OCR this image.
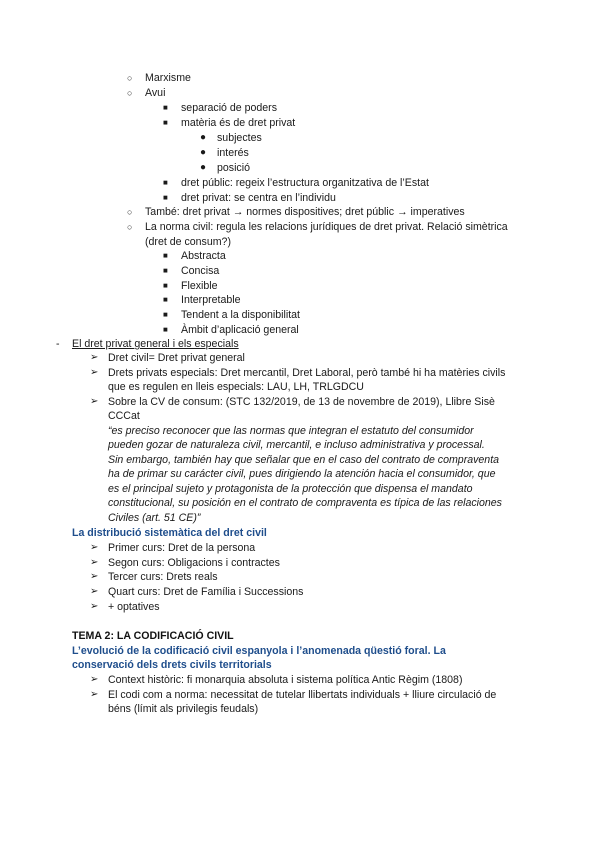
○ Marxisme
○ Avui
■ separació de poders
■ matèria és de dret privat
● subjectes
● interés
● posició
■ dret públic: regeix l’estructura organitzativa de l’Estat
■ dret privat: se centra en l’individu
○ També: dret privat → normes dispositives; dret públic → imperatives
○ La norma civil: regula les relacions jurídiques de dret privat. Relació simètrica
(dret de consum?)
■ Abstracta
■ Concisa
■ Flexible
■ Interpretable
■ Tendent a la disponibilitat
■ Àmbit d’aplicació general
- El dret privat general i els especials
➢ Dret civil= Dret privat general
➢ Drets privats especials: Dret mercantil, Dret Laboral, però també hi ha matèries civils
que es regulen en lleis especials: LAU, LH, TRLGDCU
➢ Sobre la CV de consum: (STC 132/2019, de 13 de novembre de 2019), Llibre Sisè
CCCat
“es preciso reconocer que las normas que integran el estatuto del consumidor
pueden gozar de naturaleza civil, mercantil, e incluso administrativa y processal.
Sin embargo, también hay que señalar que en el caso del contrato de compraventa
ha de primar su carácter civil, pues dirigiendo la atención hacia el consumidor, que
es el principal sujeto y protagonista de la protección que dispensa el mandato
constitucional, su posición en el contrato de compraventa es típica de las relaciones
Civiles (art. 51 CE)”
La distribució sistemàtica del dret civil
➢ Primer curs: Dret de la persona
➢ Segon curs: Obligacions i contractes
➢ Tercer curs: Drets reals
➢ Quart curs: Dret de Família i Successions
➢ + optatives
TEMA 2: LA CODIFICACIÓ CIVIL
L’evolució de la codificació civil espanyola i l’anomenada qüestió foral. La
conservació dels drets civils territorials
➢ Context històric: fi monarquia absoluta i sistema política Antic Règim (1808)
➢ El codi com a norma: necessitat de tutelar llibertats individuals + lliure circulació de
béns (límit als privilegis feudals)
